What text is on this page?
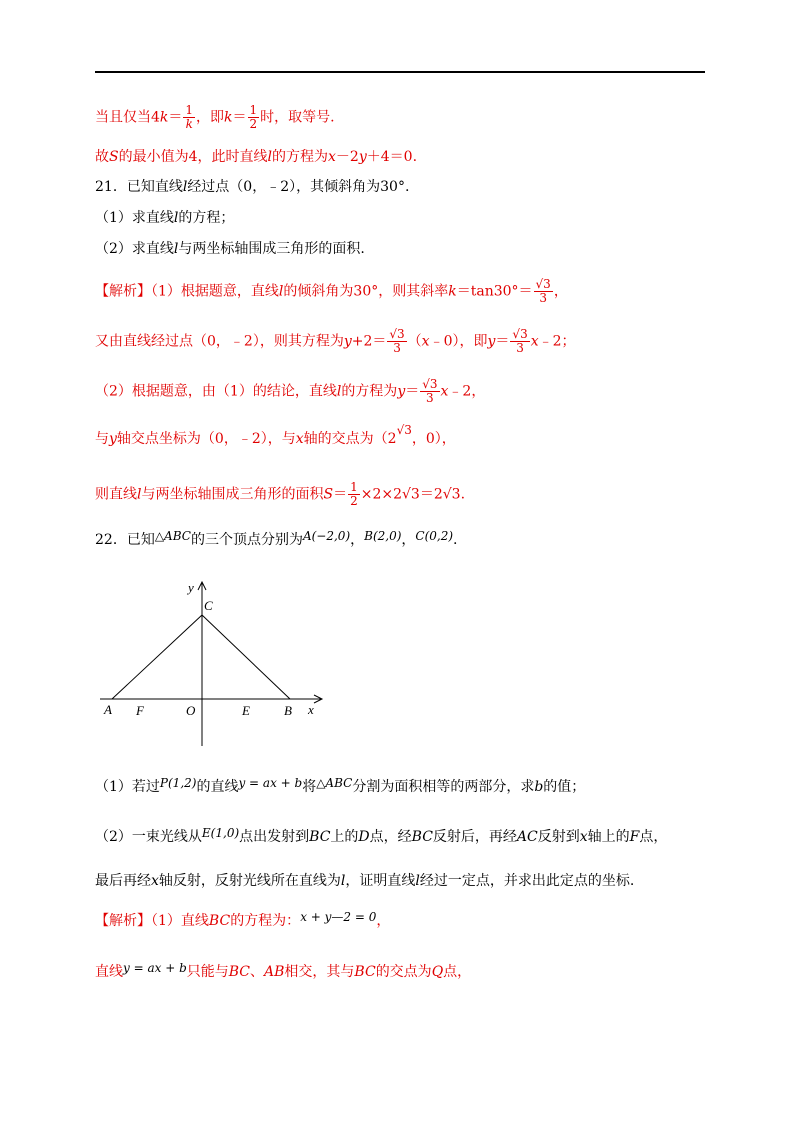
当且仅当$4k= \frac{1}{k}$ ，即$k= \frac{1}{2}$ 时，取等号.
故S的最小值为4，此时直线l的方程为x－2y＋4＝0.
21．已知直线l经过点（0，﹣2），其倾斜角为30°.
（1）求直线l的方程；
（2）求直线l与两坐标轴围成三角形的面积.
【解析】（1）根据题意，直线l的倾斜角为30°，则其斜率$k=\tan 30^\circ= \frac{√3}{3}$ ，
又由直线经过点（0，﹣2），则其方程为$y+2= \frac{√3}{3}$ （x﹣0），即$y= \frac{√3}{3}$ x﹣2；
（2）根据题意，由（1）的结论，直线l的方程为$y= \frac{√3}{3}$ x﹣2，
与y轴交点坐标为（0，﹣2），与x轴的交点为（2√3，0），
则直线l与两坐标轴围成三角形的面积$S= \frac{1}{2} \times 2\times 2√3=2√3$.
22．已知△ABC的三个顶点分别为A(−2,0)，B(2,0)，C(0,2).
y
C
A F	O	E	B x
（1）若过P(1,2)的直线y = ax + b将△ABC分割为面积相等的两部分，求b的值；
（2）一束光线从E(1,0)点出发射到BC上的D点，经BC反射后，再经AC反射到x轴上的F点，
最后再经x轴反射，反射光线所在直线为l，证明直线l经过一定点，并求出此定点的坐标.
【解析】（1）直线BC的方程为：x + y—2 = 0，
直线y = ax + b只能与BC、AB相交，其与BC的交点为Q点，
